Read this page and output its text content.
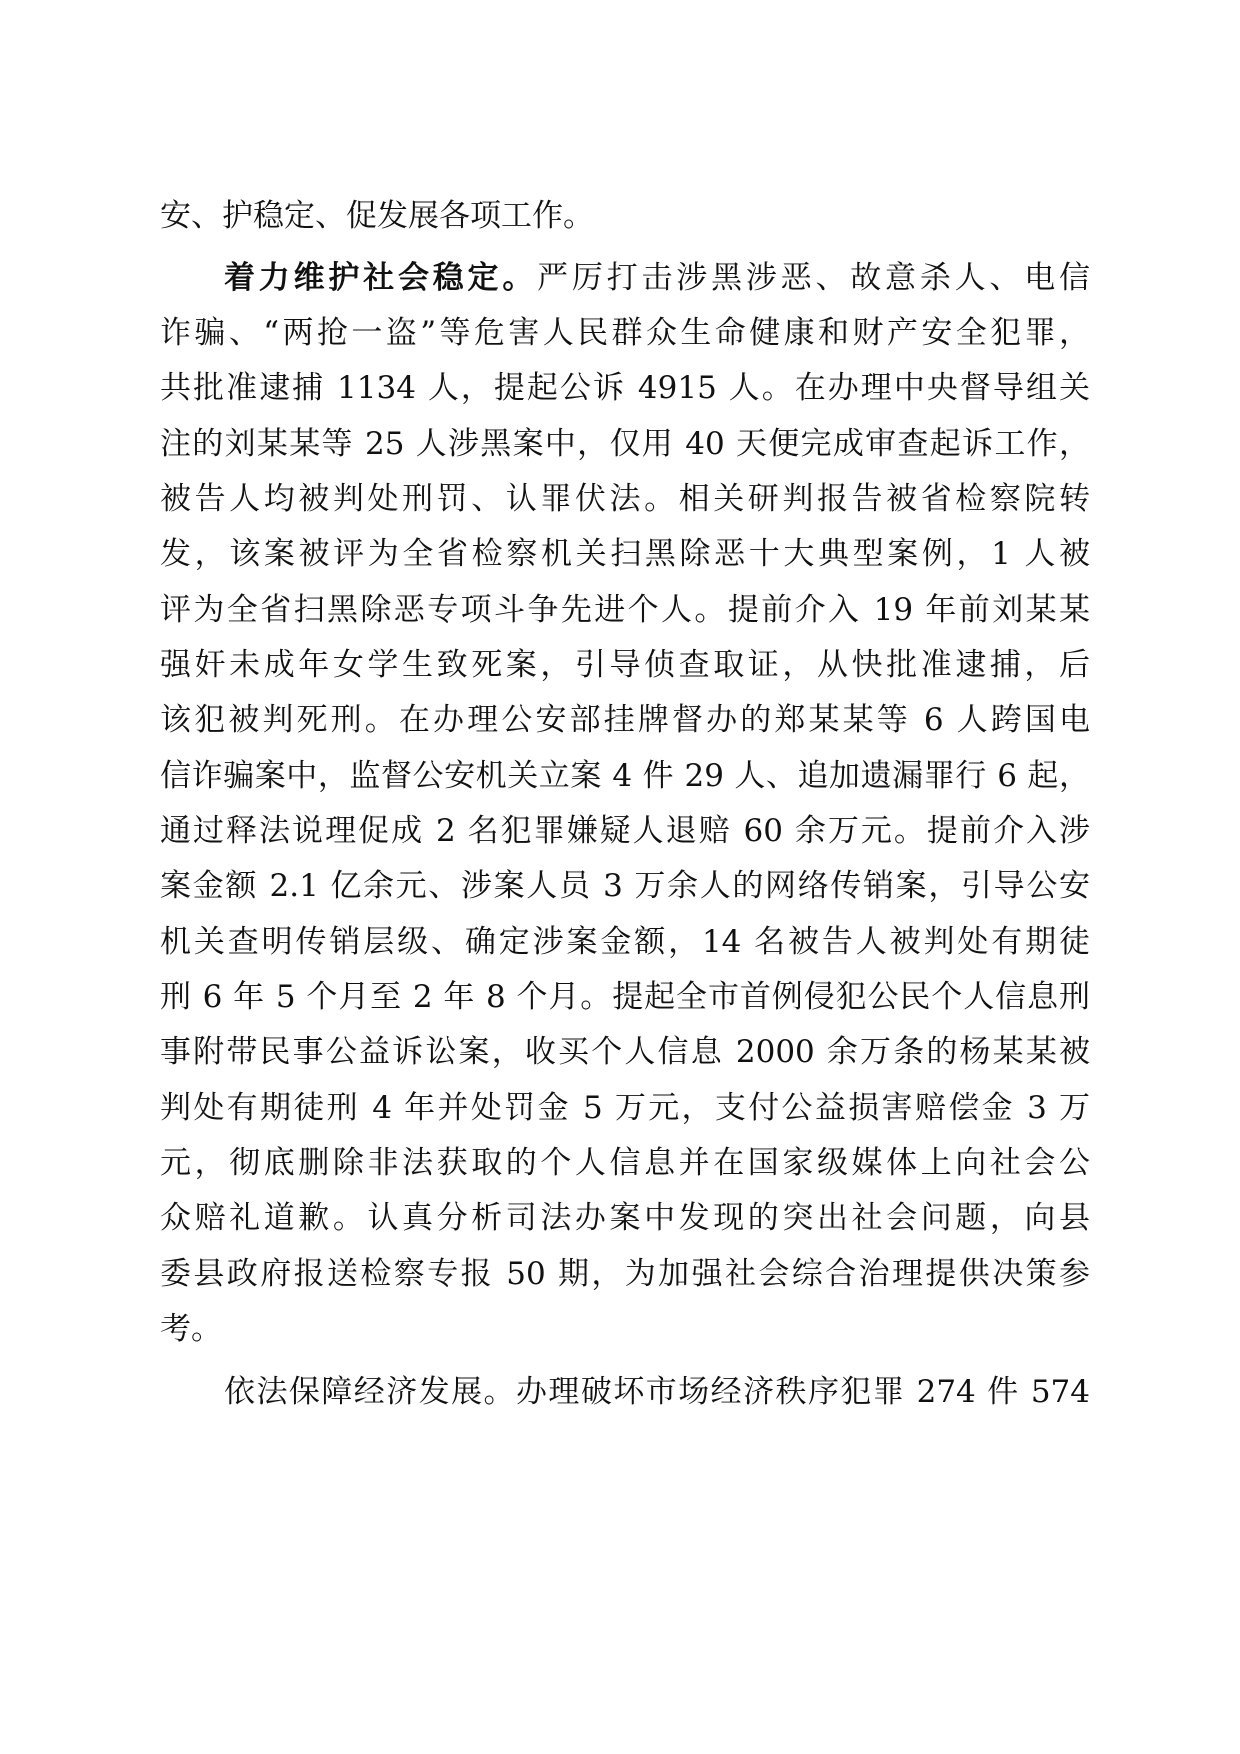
安、护稳定、促发展各项工作。
着力维护社会稳定。严厉打击涉黑涉恶、故意杀人、电信
诈骗、“两抢一盗”等危害人民群众生命健康和财产安全犯罪，
共批准逮捕 1134 人，提起公诉 4915 人。在办理中央督导组关
注的刘某某等 25 人涉黑案中，仅用 40 天便完成审查起诉工作，
被告人均被判处刑罚、认罪伏法。相关研判报告被省检察院转
发，该案被评为全省检察机关扫黑除恶十大典型案例，1 人被
评为全省扫黑除恶专项斗争先进个人。提前介入 19 年前刘某某
强奸未成年女学生致死案，引导侦查取证，从快批准逮捕，后
该犯被判死刑。在办理公安部挂牌督办的郑某某等 6 人跨国电
信诈骗案中，监督公安机关立案 4 件 29 人、追加遗漏罪行 6 起，
通过释法说理促成 2 名犯罪嫌疑人退赔 60 余万元。提前介入涉
案金额 2.1 亿余元、涉案人员 3 万余人的网络传销案，引导公安
机关查明传销层级、确定涉案金额，14 名被告人被判处有期徒
刑 6 年 5 个月至 2 年 8 个月。提起全市首例侵犯公民个人信息刑
事附带民事公益诉讼案，收买个人信息 2000 余万条的杨某某被
判处有期徒刑 4 年并处罚金 5 万元，支付公益损害赔偿金 3 万
元，彻底删除非法获取的个人信息并在国家级媒体上向社会公
众赔礼道歉。认真分析司法办案中发现的突出社会问题，向县
委县政府报送检察专报 50 期，为加强社会综合治理提供决策参
考。
依法保障经济发展。办理破坏市场经济秩序犯罪 274 件 574
